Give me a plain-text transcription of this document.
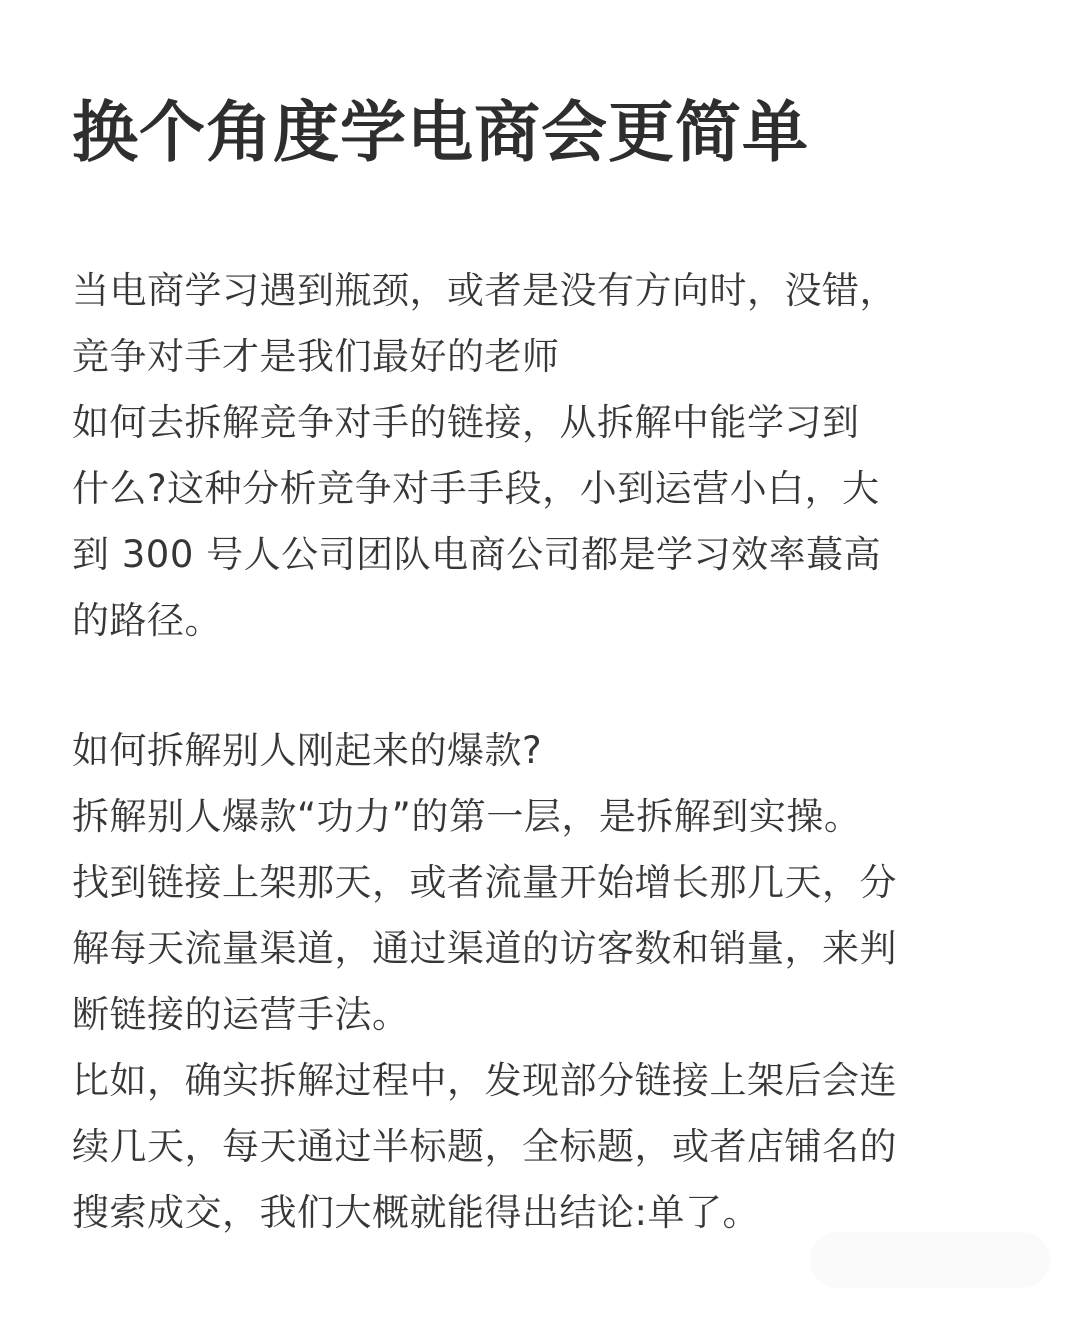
换个角度学电商会更简单
当电商学习遇到瓶颈，或者是没有方向时，没错，
竞争对手才是我们最好的老师
如何去拆解竞争对手的链接，从拆解中能学习到
什么?这种分析竞争对手手段，小到运营小白，大
到 300 号人公司团队电商公司都是学习效率蕞高
的路径。
如何拆解别人刚起来的爆款?
拆解别人爆款“功力”的第一层，是拆解到实操。
找到链接上架那天，或者流量开始增长那几天，分
解每天流量渠道，通过渠道的访客数和销量，来判
断链接的运营手法。
比如，确实拆解过程中，发现部分链接上架后会连
续几天，每天通过半标题，全标题，或者店铺名的
搜索成交，我们大概就能得出结论:单了。
